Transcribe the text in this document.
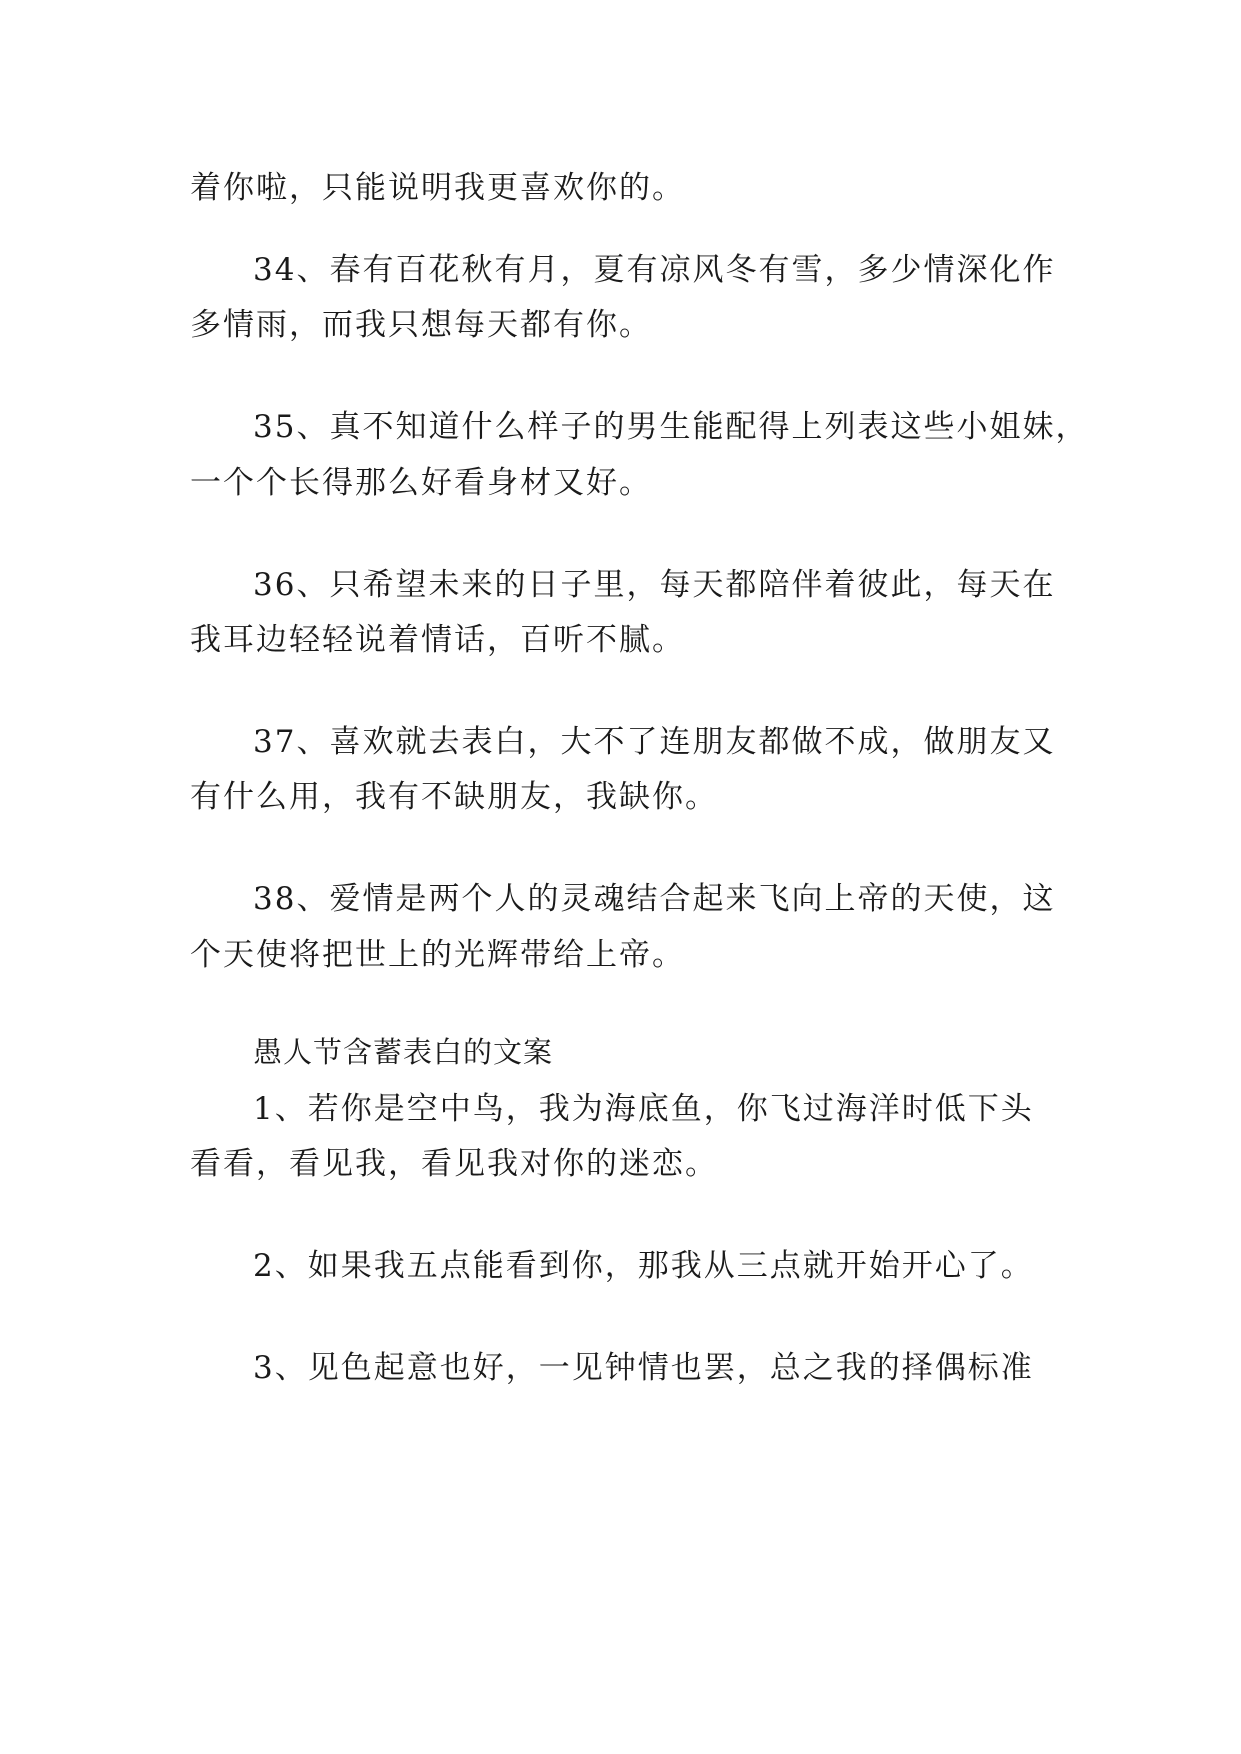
着你啦，只能说明我更喜欢你的。
34、春有百花秋有月，夏有凉风冬有雪，多少情深化作
多情雨，而我只想每天都有你。
35、真不知道什么样子的男生能配得上列表这些小姐妹，
一个个长得那么好看身材又好。
36、只希望未来的日子里，每天都陪伴着彼此，每天在
我耳边轻轻说着情话，百听不腻。
37、喜欢就去表白，大不了连朋友都做不成，做朋友又
有什么用，我有不缺朋友，我缺你。
38、爱情是两个人的灵魂结合起来飞向上帝的天使，这
个天使将把世上的光辉带给上帝。
愚人节含蓄表白的文案
1、若你是空中鸟，我为海底鱼，你飞过海洋时低下头
看看，看见我，看见我对你的迷恋。
2、如果我五点能看到你，那我从三点就开始开心了。
3、见色起意也好，一见钟情也罢，总之我的择偶标准
